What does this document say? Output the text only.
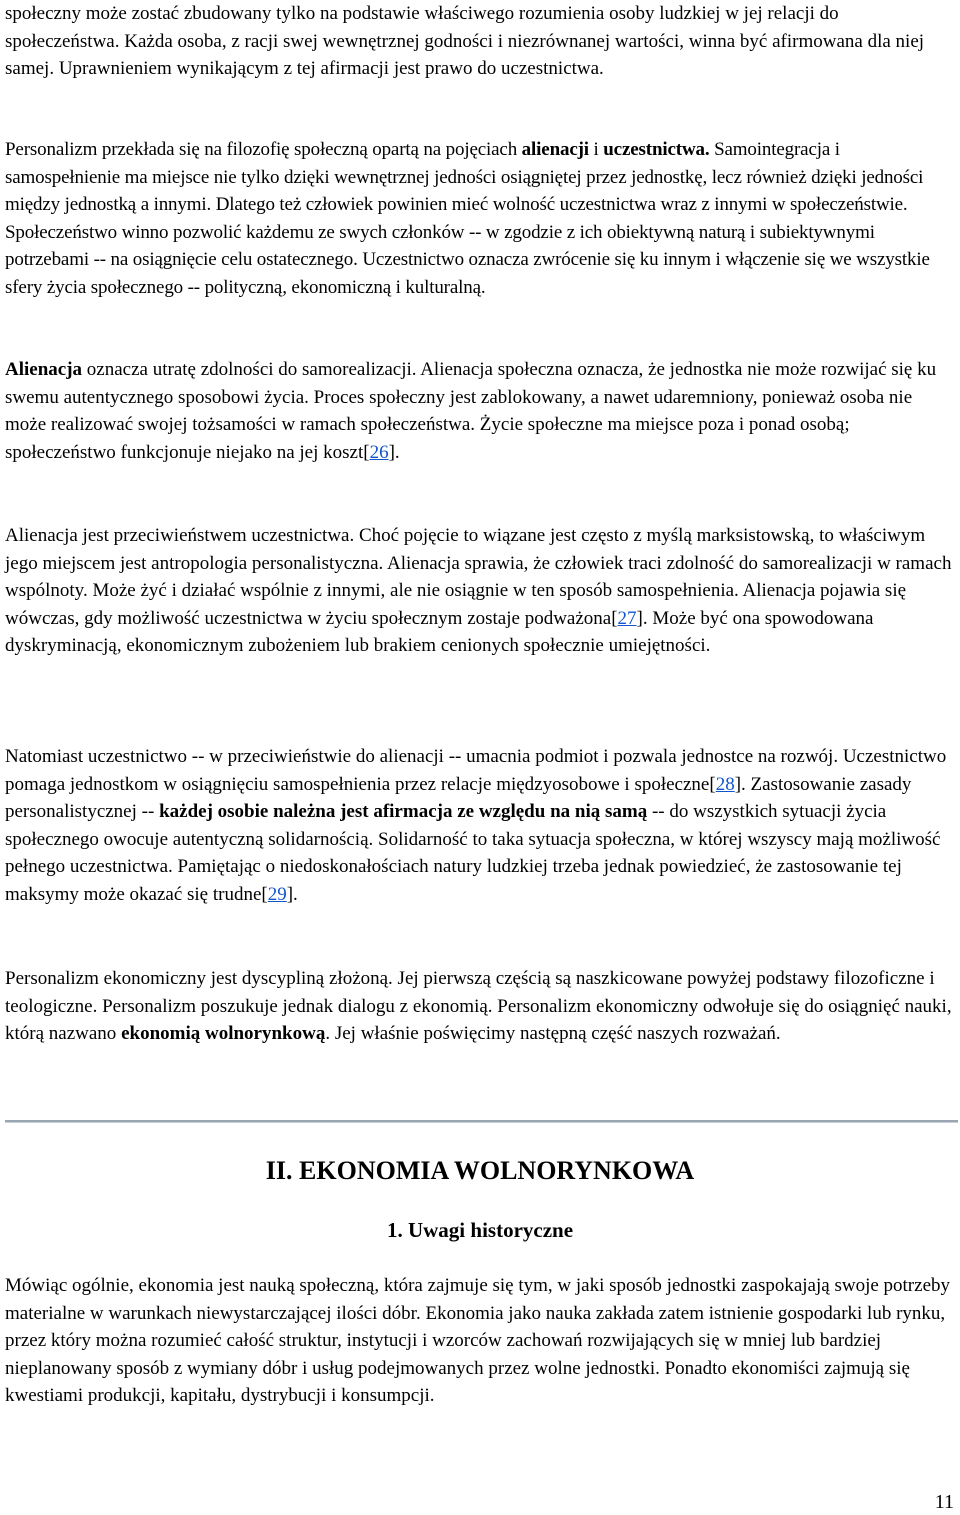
społeczny może zostać zbudowany tylko na podstawie właściwego rozumienia osoby ludzkiej w jej relacji do społeczeństwa. Każda osoba, z racji swej wewnętrznej godności i niezrównanej wartości, winna być afirmowana dla niej samej. Uprawnieniem wynikającym z tej afirmacji jest prawo do uczestnictwa.

Personalizm przekłada się na filozofię społeczną opartą na pojęciach alienacji i uczestnictwa. Samointegracja i samospełnienie ma miejsce nie tylko dzięki wewnętrznej jedności osiągniętej przez jednostkę, lecz również dzięki jedności między jednostką a innymi. Dlatego też człowiek powinien mieć wolność uczestnictwa wraz z innymi w społeczeństwie. Społeczeństwo winno pozwolić każdemu ze swych członków -- w zgodzie z ich obiektywną naturą i subiektywnymi potrzebami -- na osiągnięcie celu ostatecznego. Uczestnictwo oznacza zwrócenie się ku innym i włączenie się we wszystkie sfery życia społecznego -- polityczną, ekonomiczną i kulturalną.

Alienacja oznacza utratę zdolności do samorealizacji. Alienacja społeczna oznacza, że jednostka nie może rozwijać się ku swemu autentycznego sposobowi życia. Proces społeczny jest zablokowany, a nawet udaremniony, ponieważ osoba nie może realizować swojej tożsamości w ramach społeczeństwa. Życie społeczne ma miejsce poza i ponad osobą; społeczeństwo funkcjonuje niejako na jej koszt[26].

Alienacja jest przeciwieństwem uczestnictwa. Choć pojęcie to wiązane jest często z myślą marksistowską, to właściwym jego miejscem jest antropologia personalistyczna. Alienacja sprawia, że człowiek traci zdolność do samorealizacji w ramach wspólnoty. Może żyć i działać wspólnie z innymi, ale nie osiągnie w ten sposób samospełnienia. Alienacja pojawia się wówczas, gdy możliwość uczestnictwa w życiu społecznym zostaje podważona[27]. Może być ona spowodowana dyskryminacją, ekonomicznym zubożeniem lub brakiem cenionych społecznie umiejętności.

Natomiast uczestnictwo -- w przeciwieństwie do alienacji -- umacnia podmiot i pozwala jednostce na rozwój. Uczestnictwo pomaga jednostkom w osiągnięciu samospełnienia przez relacje międzyosobowe i społeczne[28]. Zastosowanie zasady personalistycznej -- każdej osobie należna jest afirmacja ze względu na nią samą -- do wszystkich sytuacji życia społecznego owocuje autentyczną solidarnością. Solidarność to taka sytuacja społeczna, w której wszyscy mają możliwość pełnego uczestnictwa. Pamiętając o niedoskonałościach natury ludzkiej trzeba jednak powiedzieć, że zastosowanie tej maksymy może okazać się trudne[29].

Personalizm ekonomiczny jest dyscypliną złożoną. Jej pierwszą częścią są naszkicowane powyżej podstawy filozoficzne i teologiczne. Personalizm poszukuje jednak dialogu z ekonomią. Personalizm ekonomiczny odwołuje się do osiągnięć nauki, którą nazwano ekonomią wolnorynkową. Jej właśnie poświęcimy następną część naszych rozważań.

II. EKONOMIA WOLNORYNKOWA
1. Uwagi historyczne

Mówiąc ogólnie, ekonomia jest nauką społeczną, która zajmuje się tym, w jaki sposób jednostki zaspokajają swoje potrzeby materialne w warunkach niewystarczającej ilości dóbr. Ekonomia jako nauka zakłada zatem istnienie gospodarki lub rynku, przez który można rozumieć całość struktur, instytucji i wzorców zachowań rozwijających się w mniej lub bardziej nieplanowany sposób z wymiany dóbr i usług podejmowanych przez wolne jednostki. Ponadto ekonomiści zajmują się kwestiami produkcji, kapitału, dystrybucji i konsumpcji.

11
